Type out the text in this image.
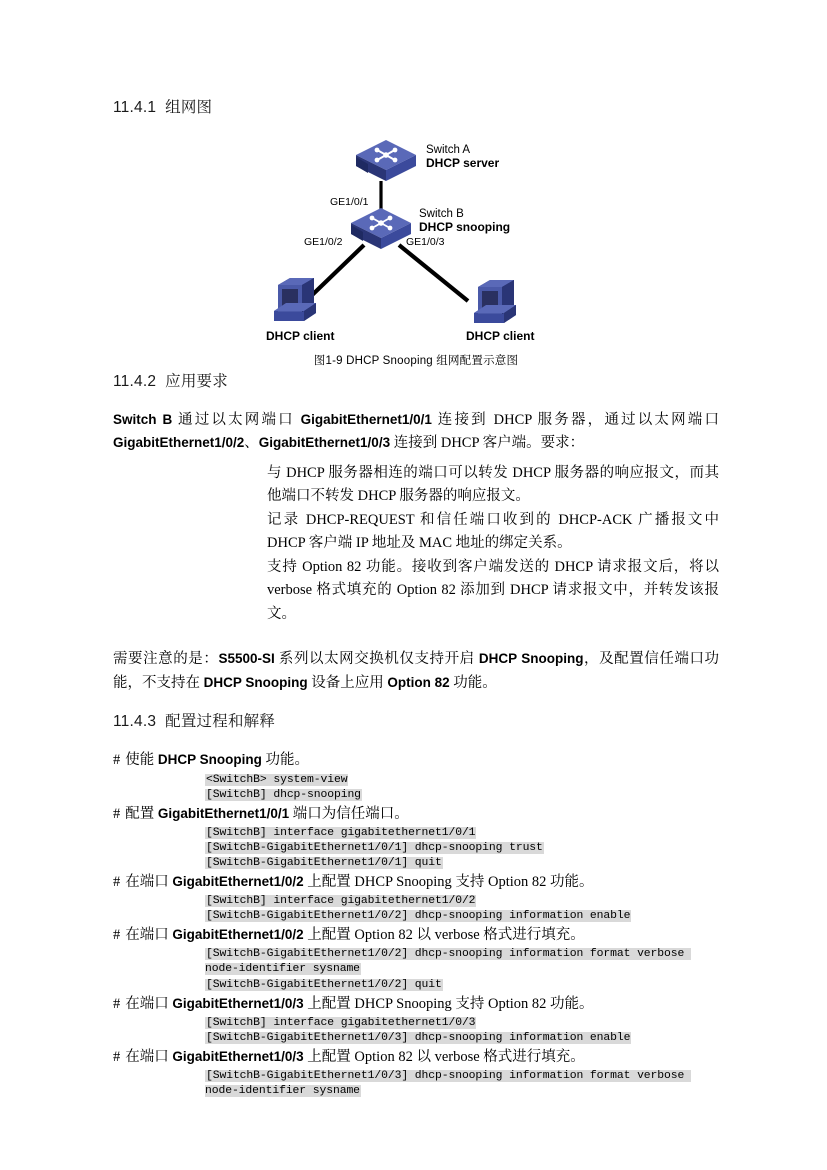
11.4.1 组网图
Switch A
DHCP server
GE1/0/1
Switch B
DHCP snooping
GE1/0/2	GE1/0/3
DHCP client	DHCP client
图1-9 DHCP Snooping 组网配置示意图
11.4.2 应用要求

Switch B 通过以太网端口 GigabitEthernet1/0/1 连接到 DHCP 服务器，通过以太网端口 GigabitEthernet1/0/2、GigabitEthernet1/0/3 连接到 DHCP 客户端。要求：

与 DHCP 服务器相连的端口可以转发 DHCP 服务器的响应报文，而其他端口不转发 DHCP 服务器的响应报文。
记录 DHCP-REQUEST 和信任端口收到的 DHCP-ACK 广播报文中 DHCP 客户端 IP 地址及 MAC 地址的绑定关系。
支持 Option 82 功能。接收到客户端发送的 DHCP 请求报文后，将以 verbose 格式填充的 Option 82 添加到 DHCP 请求报文中，并转发该报文。

需要注意的是：S5500-SI 系列以太网交换机仅支持开启 DHCP Snooping，及配置信任端口功能，不支持在 DHCP Snooping 设备上应用 Option 82 功能。

11.4.3 配置过程和解释

# 使能 DHCP Snooping 功能。

<SwitchB> system-view
[SwitchB] dhcp-snooping

# 配置 GigabitEthernet1/0/1 端口为信任端口。

[SwitchB] interface gigabitethernet1/0/1
[SwitchB-GigabitEthernet1/0/1] dhcp-snooping trust
[SwitchB-GigabitEthernet1/0/1] quit

# 在端口 GigabitEthernet1/0/2 上配置 DHCP Snooping 支持 Option 82 功能。

[SwitchB] interface gigabitethernet1/0/2
[SwitchB-GigabitEthernet1/0/2] dhcp-snooping information enable

# 在端口 GigabitEthernet1/0/2 上配置 Option 82 以 verbose 格式进行填充。

[SwitchB-GigabitEthernet1/0/2] dhcp-snooping information format verbose node-identifier sysname
[SwitchB-GigabitEthernet1/0/2] quit

# 在端口 GigabitEthernet1/0/3 上配置 DHCP Snooping 支持 Option 82 功能。

[SwitchB] interface gigabitethernet1/0/3
[SwitchB-GigabitEthernet1/0/3] dhcp-snooping information enable

# 在端口 GigabitEthernet1/0/3 上配置 Option 82 以 verbose 格式进行填充。

[SwitchB-GigabitEthernet1/0/3] dhcp-snooping information format verbose node-identifier sysname
